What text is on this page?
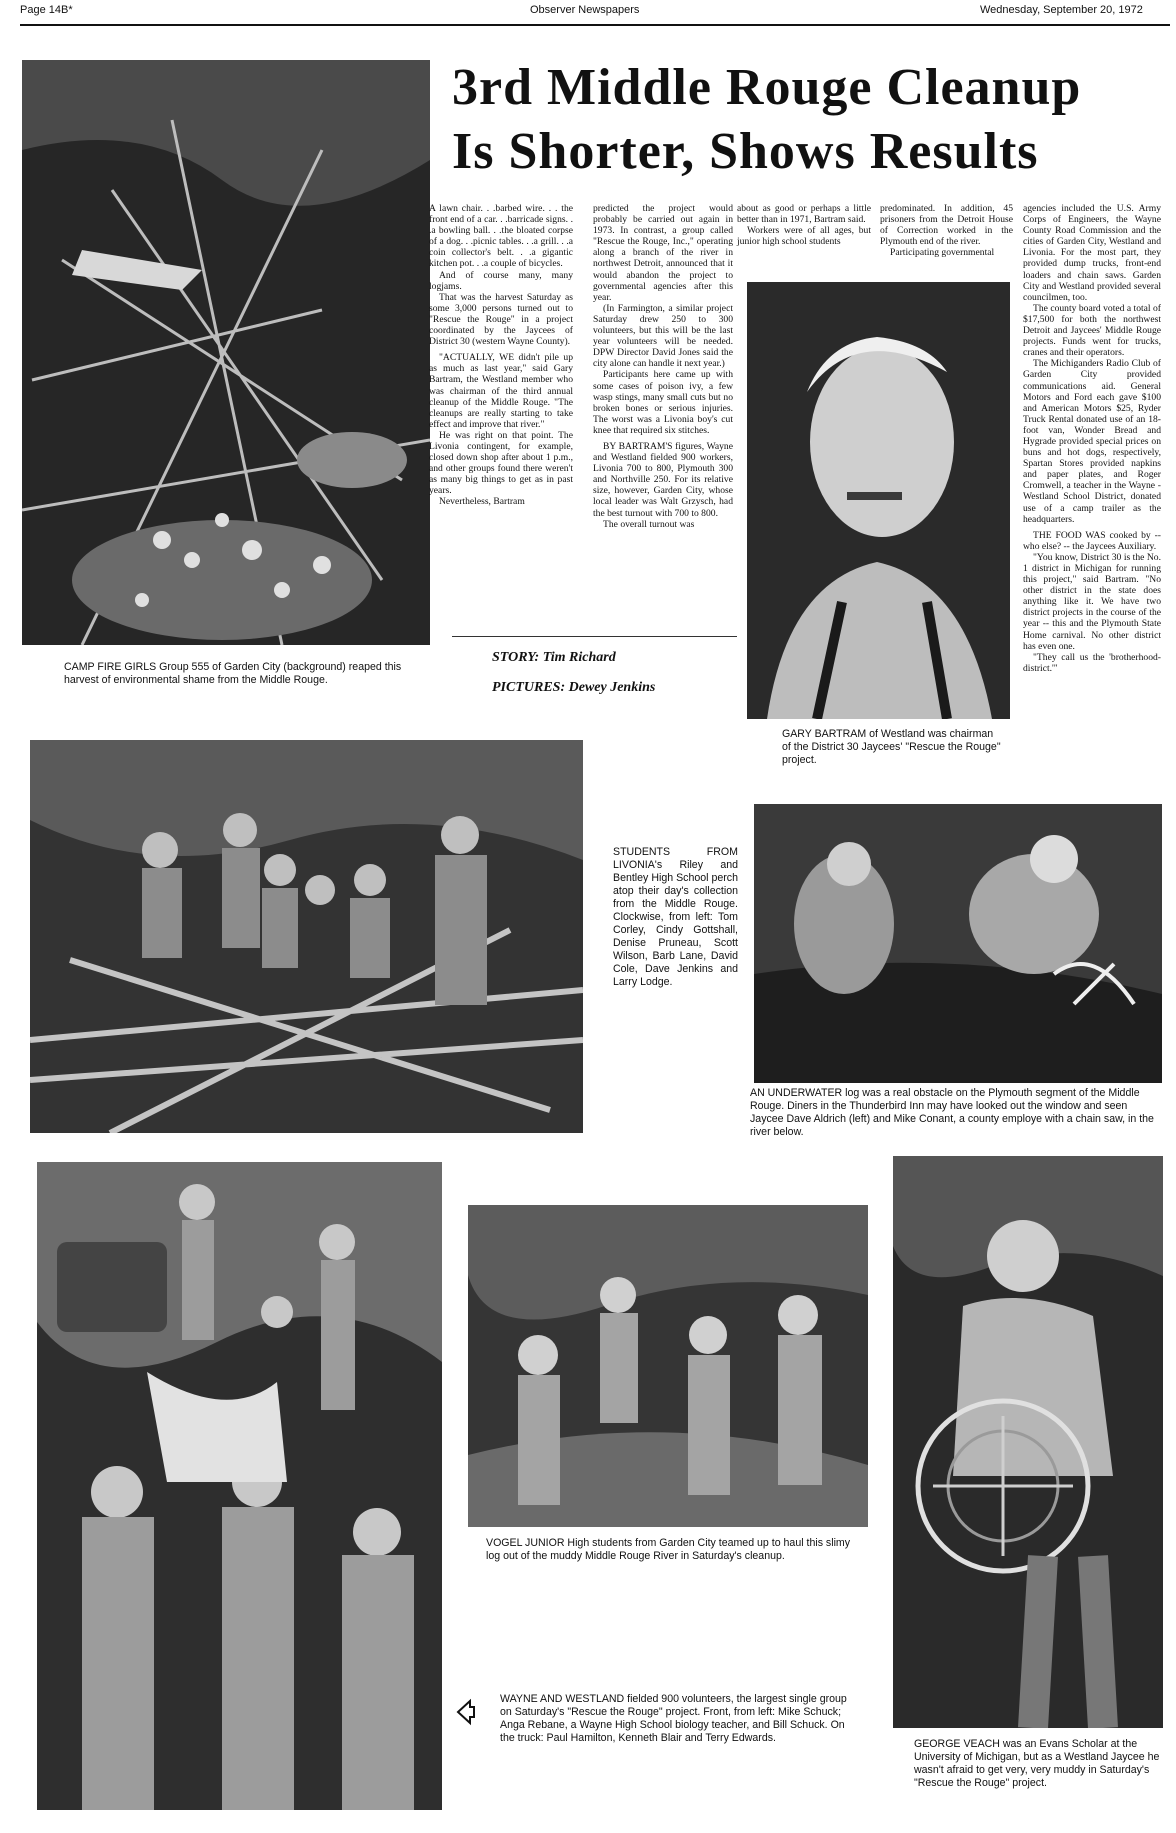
Page 14B*	Observer Newspapers	Wednesday, September 20, 1972
3rd Middle Rouge Cleanup
Is Shorter, Shows Results
CAMP FIRE GIRLS Group 555 of Garden City (background) reaped this harvest of environmental shame from the Middle Rouge.

A lawn chair. . .barbed wire. . . the front end of a car. . .barricade signs. . .a bowling ball. . .the bloated corpse of a dog. . .picnic tables. . .a grill. . .a coin collector's belt. . .a gigantic kitchen pot. . .a couple of bicycles.

And of course many, many logjams.

That was the harvest Saturday as some 3,000 persons turned out to "Rescue the Rouge" in a project coordinated by the Jaycees of District 30 (western Wayne County).

"ACTUALLY, WE didn't pile up as much as last year," said Gary Bartram, the Westland member who was chairman of the third annual cleanup of the Middle Rouge. "The cleanups are really starting to take effect and improve that river."

He was right on that point. The Livonia contingent, for example, closed down shop after about 1 p.m., and other groups found there weren't as many big things to get as in past years.

Nevertheless, Bartram

predicted the project would probably be carried out again in 1973. In contrast, a group called "Rescue the Rouge, Inc.," operating along a branch of the river in northwest Detroit, announced that it would abandon the project to governmental agencies after this year.

(In Farmington, a similar project Saturday drew 250 to 300 volunteers, but this will be the last year volunteers will be needed. DPW Director David Jones said the city alone can handle it next year.)

Participants here came up with some cases of poison ivy, a few wasp stings, many small cuts but no broken bones or serious injuries. The worst was a Livonia boy's cut knee that required six stitches.

BY BARTRAM'S figures, Wayne and Westland fielded 900 workers, Livonia 700 to 800, Plymouth 300 and Northville 250. For its relative size, however, Garden City, whose local leader was Walt Grzysch, had the best turnout with 700 to 800.

The overall turnout was

about as good or perhaps a little better than in 1971, Bartram said.

Workers were of all ages, but junior high school students

predominated. In addition, 45 prisoners from the Detroit House of Correction worked in the Plymouth end of the river.

Participating governmental

agencies included the U.S. Army Corps of Engineers, the Wayne County Road Commission and the cities of Garden City, Westland and Livonia. For the most part, they provided dump trucks, front-end loaders and chain saws. Garden City and Westland provided several councilmen, too.

The county board voted a total of $17,500 for both the northwest Detroit and Jaycees' Middle Rouge projects. Funds went for trucks, cranes and their operators.

The Michiganders Radio Club of Garden City provided communications aid. General Motors and Ford each gave $100 and American Motors $25, Ryder Truck Rental donated use of an 18-foot van, Wonder Bread and Hygrade provided special prices on buns and hot dogs, respectively, Spartan Stores provided napkins and paper plates, and Roger Cromwell, a teacher in the Wayne - Westland School District, donated use of a camp trailer as the headquarters.

THE FOOD WAS cooked by -- who else? -- the Jaycees Auxiliary.

"You know, District 30 is the No. 1 district in Michigan for running this project," said Bartram. "No other district in the state does anything like it. We have two district projects in the course of the year -- this and the Plymouth State Home carnival. No other district has even one.

"They call us the 'brotherhood-district.'"

STORY: Tim Richard
PICTURES: Dewey Jenkins
GARY BARTRAM of Westland was chairman of the District 30 Jaycees' "Rescue the Rouge" project.
STUDENTS FROM LIVONIA's Riley and Bentley High School perch atop their day's collection from the Middle Rouge. Clockwise, from left: Tom Corley, Cindy Gottshall, Denise Pruneau, Scott Wilson, Barb Lane, David Cole, Dave Jenkins and Larry Lodge.
AN UNDERWATER log was a real obstacle on the Plymouth segment of the Middle Rouge. Diners in the Thunderbird Inn may have looked out the window and seen Jaycee Dave Aldrich (left) and Mike Conant, a county employe with a chain saw, in the river below.
VOGEL JUNIOR High students from Garden City teamed up to haul this slimy log out of the muddy Middle Rouge River in Saturday's cleanup.
WAYNE AND WESTLAND fielded 900 volunteers, the largest single group on Saturday's "Rescue the Rouge" project. Front, from left: Mike Schuck; Anga Rebane, a Wayne High School biology teacher, and Bill Schuck. On the truck: Paul Hamilton, Kenneth Blair and Terry Edwards.	GEORGE VEACH was an Evans Scholar at the University of Michigan, but as a Westland Jaycee he wasn't afraid to get very, very muddy in Saturday's "Rescue the Rouge" project.
